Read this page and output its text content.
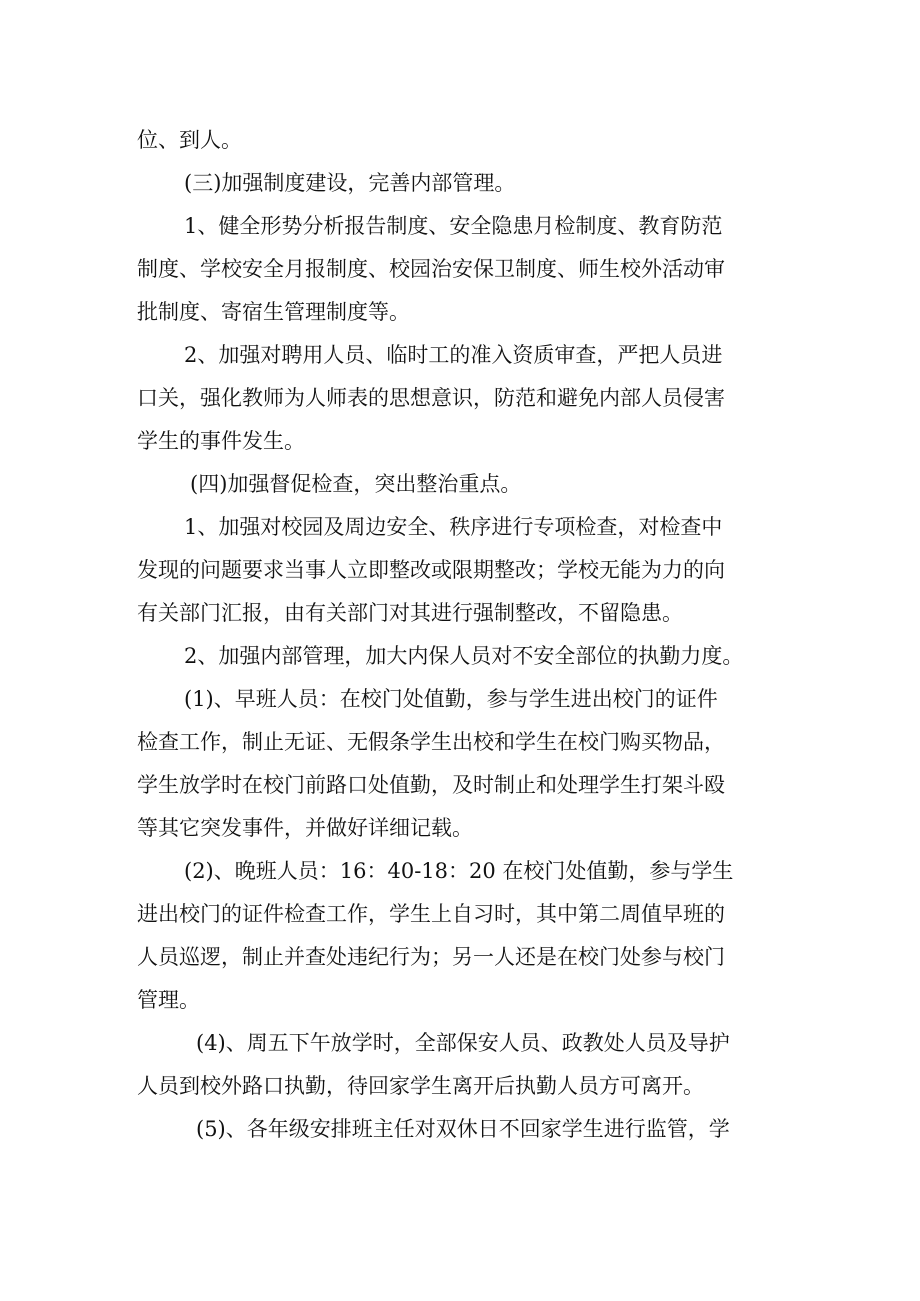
位、到人。
(三)加强制度建设，完善内部管理。
1、健全形势分析报告制度、安全隐患月检制度、教育防范
制度、学校安全月报制度、校园治安保卫制度、师生校外活动审
批制度、寄宿生管理制度等。
2、加强对聘用人员、临时工的准入资质审查，严把人员进
口关，强化教师为人师表的思想意识，防范和避免内部人员侵害
学生的事件发生。
(四)加强督促检查，突出整治重点。
1、加强对校园及周边安全、秩序进行专项检查，对检查中
发现的问题要求当事人立即整改或限期整改；学校无能为力的向
有关部门汇报，由有关部门对其进行强制整改，不留隐患。
2、加强内部管理，加大内保人员对不安全部位的执勤力度。
(1)、早班人员：在校门处值勤，参与学生进出校门的证件
检查工作，制止无证、无假条学生出校和学生在校门购买物品，
学生放学时在校门前路口处值勤，及时制止和处理学生打架斗殴
等其它突发事件，并做好详细记载。
(2)、晚班人员：16：40-18：20 在校门处值勤，参与学生
进出校门的证件检查工作，学生上自习时，其中第二周值早班的
人员巡逻，制止并查处违纪行为；另一人还是在校门处参与校门
管理。
(4)、周五下午放学时，全部保安人员、政教处人员及导护
人员到校外路口执勤，待回家学生离开后执勤人员方可离开。
(5)、各年级安排班主任对双休日不回家学生进行监管，学
